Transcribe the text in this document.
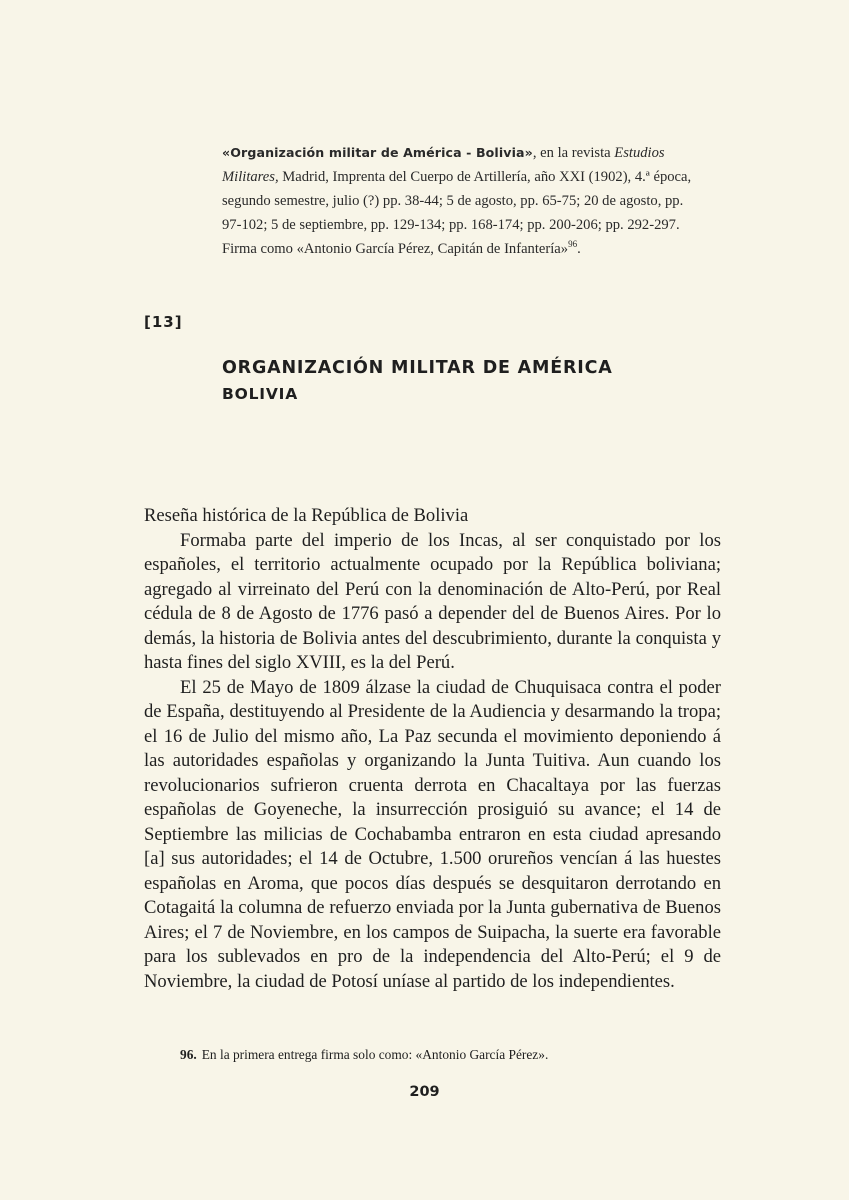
«Organización militar de América - Bolivia», en la revista Estudios Militares, Madrid, Imprenta del Cuerpo de Artillería, año XXI (1902), 4.ª época, segundo semestre, julio (?) pp. 38-44; 5 de agosto, pp. 65-75; 20 de agosto, pp. 97-102; 5 de septiembre, pp. 129-134; pp. 168-174; pp. 200-206; pp. 292-297.
Firma como «Antonio García Pérez, Capitán de Infantería»$^{96}$.
[13]
ORGANIZACIÓN MILITAR DE AMÉRICA
BOLIVIA

Reseña histórica de la República de Bolivia

Formaba parte del imperio de los Incas, al ser conquistado por los españoles, el territorio actualmente ocupado por la República boliviana; agregado al virreinato del Perú con la denominación de Alto-Perú, por Real cédula de 8 de Agosto de 1776 pasó a depender del de Buenos Aires. Por lo demás, la historia de Bolivia antes del descubrimiento, durante la conquista y hasta fines del siglo XVIII, es la del Perú.

El 25 de Mayo de 1809 álzase la ciudad de Chuquisaca contra el poder de España, destituyendo al Presidente de la Audiencia y desarmando la tropa; el 16 de Julio del mismo año, La Paz secunda el movimiento deponiendo á las autoridades españolas y organizando la Junta Tuitiva. Aun cuando los revolucionarios sufrieron cruenta derrota en Chacaltaya por las fuerzas españolas de Goyeneche, la insurrección prosiguió su avance; el 14 de Septiembre las milicias de Cochabamba entraron en esta ciudad apresando [a] sus autoridades; el 14 de Octubre, 1.500 orureños vencían á las huestes españolas en Aroma, que pocos días después se desquitaron derrotando en Cotagaitá la columna de refuerzo enviada por la Junta gubernativa de Buenos Aires; el 7 de Noviembre, en los campos de Suipacha, la suerte era favorable para los sublevados en pro de la independencia del Alto-Perú; el 9 de Noviembre, la ciudad de Potosí uníase al partido de los independientes.

96. En la primera entrega firma solo como: «Antonio García Pérez».
209
